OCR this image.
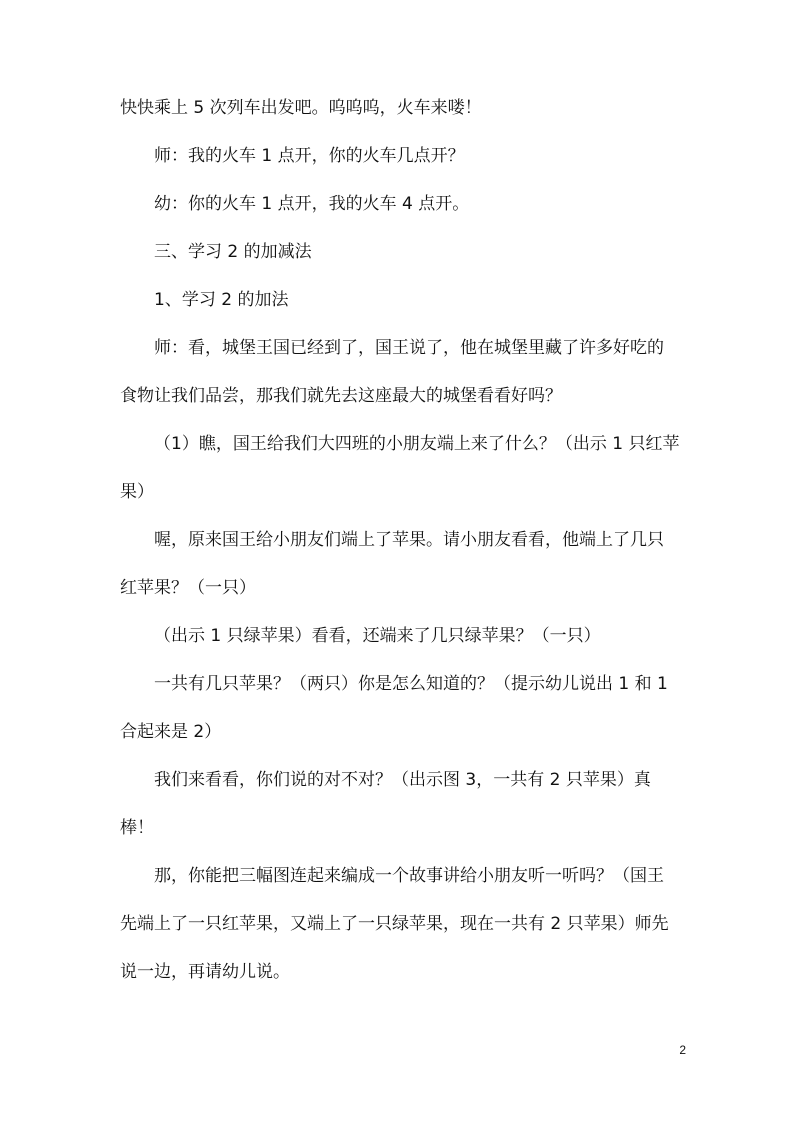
快快乘上 5 次列车出发吧。呜呜呜，火车来喽！

师：我的火车 1 点开，你的火车几点开？

幼：你的火车 1 点开，我的火车 4 点开。

三、学习 2 的加减法

1、学习 2 的加法

师：看，城堡王国已经到了，国王说了，他在城堡里藏了许多好吃的食物让我们品尝，那我们就先去这座最大的城堡看看好吗？

（1）瞧，国王给我们大四班的小朋友端上来了什么？（出示 1 只红苹果）

喔，原来国王给小朋友们端上了苹果。请小朋友看看，他端上了几只红苹果？（一只）

（出示 1 只绿苹果）看看，还端来了几只绿苹果？（一只）

一共有几只苹果？（两只）你是怎么知道的？（提示幼儿说出 1 和 1 合起来是 2）

我们来看看，你们说的对不对？（出示图 3，一共有 2 只苹果）真棒！

那，你能把三幅图连起来编成一个故事讲给小朋友听一听吗？（国王先端上了一只红苹果，又端上了一只绿苹果，现在一共有 2 只苹果）师先说一边，再请幼儿说。

2
